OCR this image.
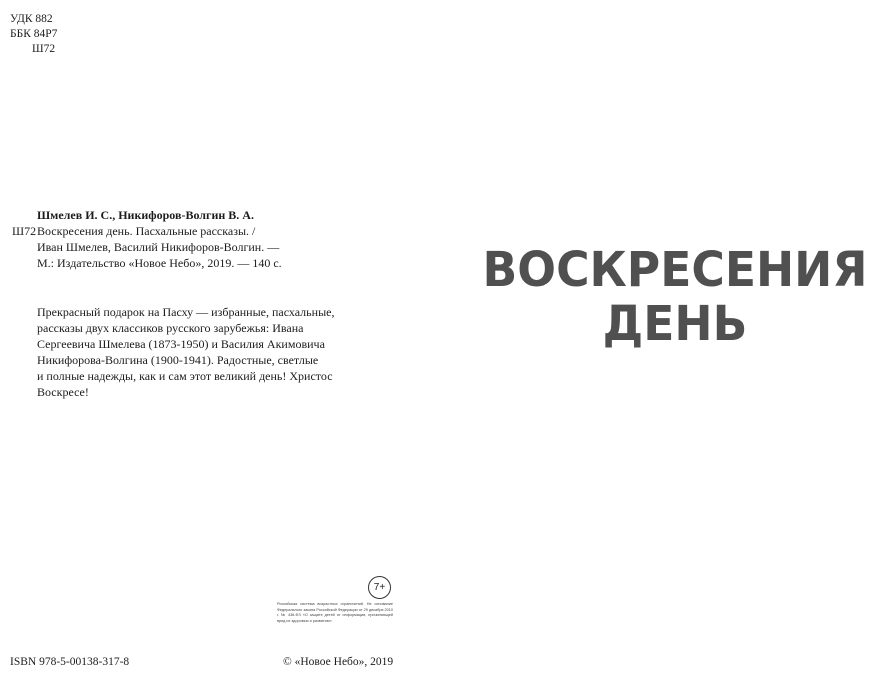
УДК 882
ББК 84Р7
Ш72
Шмелев И. С., Никифоров-Волгин В. А.
Ш72 Воскресения день. Пасхальные рассказы. /
Иван Шмелев, Василий Никифоров-Волгин. —
М.: Издательство «Новое Небо», 2019. — 140 с.
Прекрасный подарок на Пасху — избранные, пасхальные,
рассказы двух классиков русского зарубежья: Ивана
Сергеевича Шмелева (1873-1950) и Василия Акимовича
Никифорова-Волгина (1900-1941). Радостные, светлые
и полные надежды, как и сам этот великий день! Христос
Воскресе!
7+
Российская система возрастных ограничений. Не основание Федерального закона Российской Федерации от 29 декабря 2010 г. № 436-ФЗ «О защите детей от информации, причиняющей вред их здоровью и развитию».
ISBN 978-5-00138-317-8	© «Новое Небо», 2019
ВОСКРЕСЕНИЯ
ДЕНЬ
